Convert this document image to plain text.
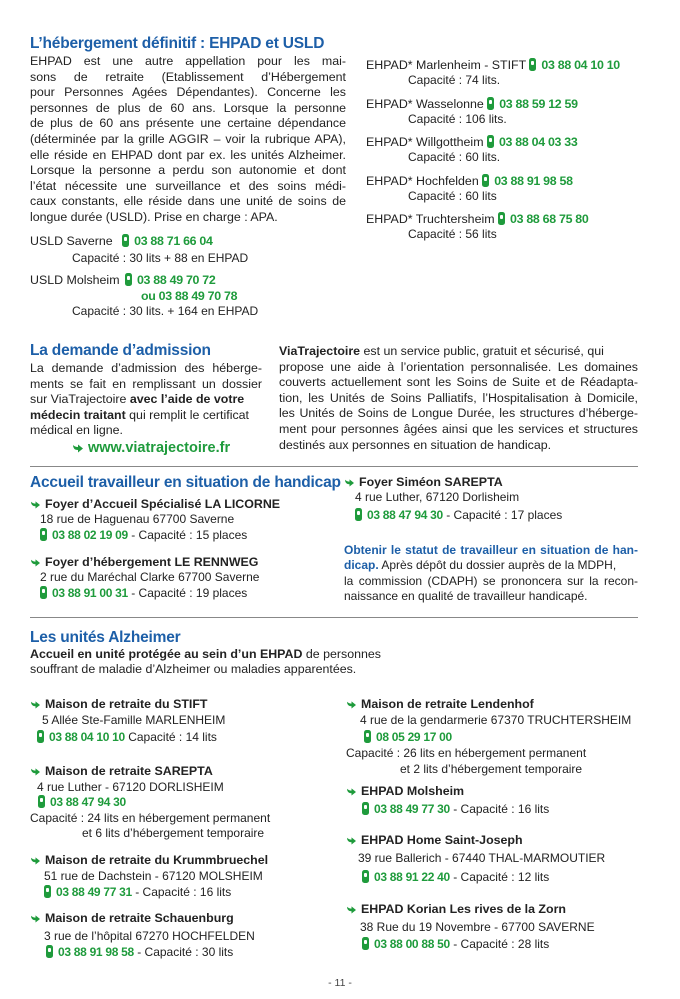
L’hébergement définitif : EHPAD et USLD
EHPAD est une autre appellation pour les mai-
sons de retraite (Etablissement d’Hébergement
pour Personnes Agées Dépendantes). Concerne les
personnes de plus de 60 ans. Lorsque la personne
de plus de 60 ans présente une certaine dépendance
(déterminée par la grille AGGIR – voir la rubrique APA),
elle réside en EHPAD dont par ex. les unités Alzheimer.
Lorsque la personne a perdu son autonomie et dont
l’état nécessite une surveillance et des soins médi-
caux constants, elle réside dans une unité de soins de
longue durée (USLD). Prise en charge : APA.
USLD Saverne 03 88 71 66 04
Capacité : 30 lits + 88 en EHPAD
USLD Molsheim 03 88 49 70 72
ou 03 88 49 70 78
Capacité : 30 lits. + 164 en EHPAD
EHPAD* Marlenheim - STIFT 03 88 04 10 10
Capacité : 74 lits.
EHPAD* Wasselonne 03 88 59 12 59
Capacité : 106 lits.
EHPAD* Willgottheim 03 88 04 03 33
Capacité : 60 lits.
EHPAD* Hochfelden 03 88 91 98 58
Capacité : 60 lits
EHPAD* Truchtersheim 03 88 68 75 80
Capacité : 56 lits
La demande d’admission
La demande d’admission des héberge-
ments se fait en remplissant un dossier
sur ViaTrajectoire avec l’aide de votre
médecin traitant qui remplit le certificat
médical en ligne.
www.viatrajectoire.fr
ViaTrajectoire est un service public, gratuit et sécurisé, qui
propose une aide à l’orientation personnalisée. Les domaines
couverts actuellement sont les Soins de Suite et de Réadapta-
tion, les Unités de Soins Palliatifs, l’Hospitalisation à Domicile,
les Unités de Soins de Longue Durée, les structures d’héberge-
ment pour personnes âgées ainsi que les services et structures
destinés aux personnes en situation de handicap.
Accueil travailleur en situation de handicap
Foyer d’Accueil Spécialisé LA LICORNE
18 rue de Haguenau 67700 Saverne
03 88 02 19 09 - Capacité : 15 places
Foyer d’hébergement LE RENNWEG
2 rue du Maréchal Clarke 67700 Saverne
03 88 91 00 31 - Capacité : 19 places
Foyer Siméon SAREPTA
4 rue Luther, 67120 Dorlisheim
03 88 47 94 30 - Capacité : 17 places
Obtenir le statut de travailleur en situation de han-
dicap. Après dépôt du dossier auprès de la MDPH,
la commission (CDAPH) se prononcera sur la recon-
naissance en qualité de travailleur handicapé.
Les unités Alzheimer
Accueil en unité protégée au sein d’un EHPAD de personnes
souffrant de maladie d’Alzheimer ou maladies apparentées.
Maison de retraite du STIFT
5 Allée Ste-Famille MARLENHEIM
03 88 04 10 10 Capacité : 14 lits
Maison de retraite SAREPTA
4 rue Luther - 67120 DORLISHEIM
03 88 47 94 30
Capacité : 24 lits en hébergement permanent
et 6 lits d’hébergement temporaire
Maison de retraite du Krummbruechel
51 rue de Dachstein - 67120 MOLSHEIM
03 88 49 77 31 - Capacité : 16 lits
Maison de retraite Schauenburg
3 rue de l’hôpital 67270 HOCHFELDEN
03 88 91 98 58 - Capacité : 30 lits
Maison de retraite Lendenhof
4 rue de la gendarmerie 67370 TRUCHTERSHEIM
08 05 29 17 00
Capacité : 26 lits en hébergement permanent
et 2 lits d’hébergement temporaire
EHPAD Molsheim
03 88 49 77 30 - Capacité : 16 lits
EHPAD Home Saint-Joseph
39 rue Ballerich - 67440 THAL-MARMOUTIER
03 88 91 22 40 - Capacité : 12 lits
EHPAD Korian Les rives de la Zorn
38 Rue du 19 Novembre - 67700 SAVERNE
03 88 00 88 50 - Capacité : 28 lits
- 11 -
